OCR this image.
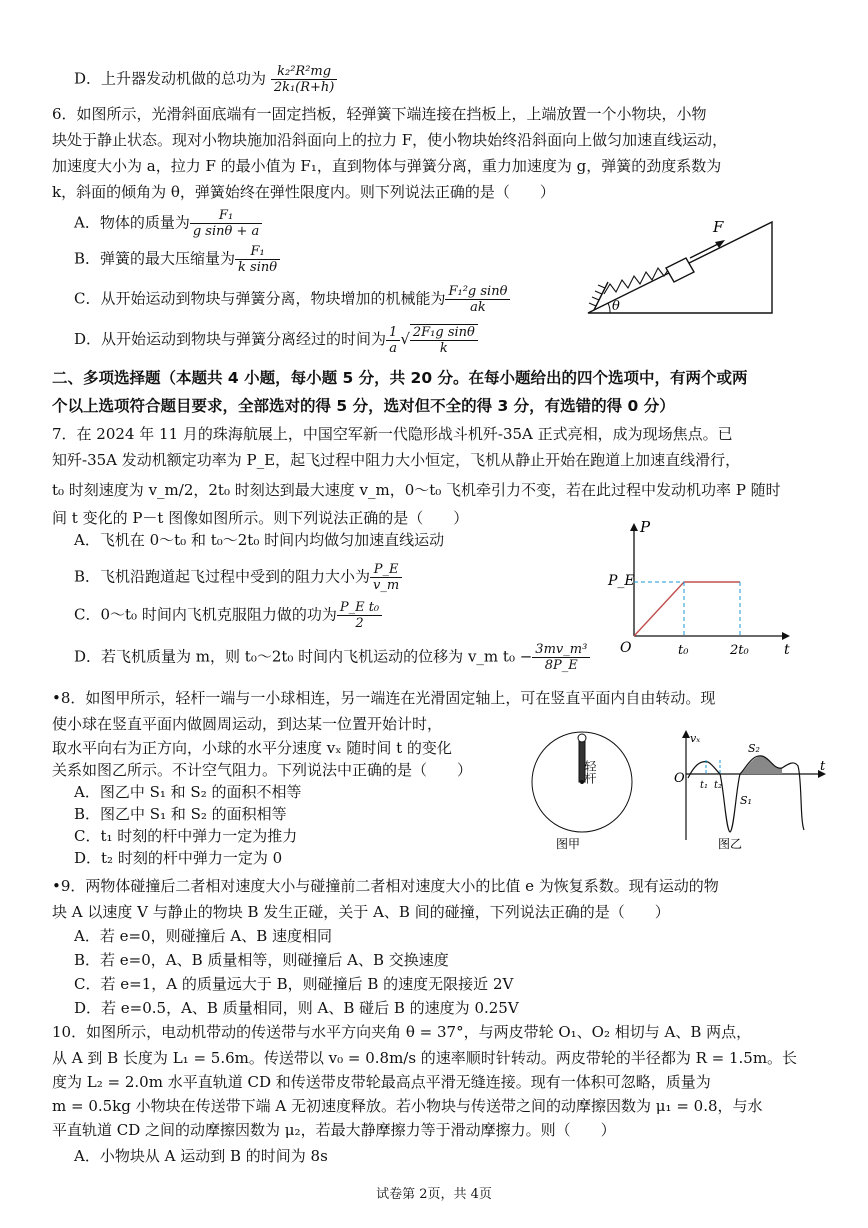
D．上升器发动机做的总功为 $\frac{\text{k₂²R²mg}}{\text{2k₁(R+h)}}$
6．如图所示，光滑斜面底端有一固定挡板，轻弹簧下端连接在挡板上，上端放置一个小物块，小物
块处于静止状态。现对小物块施加沿斜面向上的拉力 F，使小物块始终沿斜面向上做匀加速直线运动，
加速度大小为 a，拉力 F 的最小值为 F₁，直到物体与弹簧分离，重力加速度为 g，弹簧的劲度系数为
k，斜面的倾角为 θ，弹簧始终在弹性限度内。则下列说法正确的是（　　）
A．物体的质量为 $\frac{\text{F₁}}{\text{g sinθ + a}}$
B．弹簧的最大压缩量为 $\frac{\text{F₁}}{\text{k sinθ}}$
C．从开始运动到物块与弹簧分离，物块增加的机械能为 $\frac{\text{F₁²g sinθ}}{ak}$
D．从开始运动到物块与弹簧分离经过的时间为 $\frac{1}{a}$ √ $\frac{\text{2F₁g sinθ}}{k}$
F
θ
二、多项选择题（本题共 4 小题，每小题 5 分，共 20 分。在每小题给出的四个选项中，有两个或两
个以上选项符合题目要求，全部选对的得 5 分，选对但不全的得 3 分，有选错的得 0 分）
7．在 2024 年 11 月的珠海航展上，中国空军新一代隐形战斗机歼-35A 正式亮相，成为现场焦点。已
知歼-35A 发动机额定功率为 P_E，起飞过程中阻力大小恒定，飞机从静止开始在跑道上加速直线滑行，
t₀ 时刻速度为 v_m/2，2t₀ 时刻达到最大速度 v_m，0～t₀ 飞机牵引力不变，若在此过程中发动机功率 P 随时
间 t 变化的 P－t 图像如图所示。则下列说法正确的是（　　）
A．飞机在 0～t₀ 和 t₀～2t₀ 时间内均做匀加速直线运动
B．飞机沿跑道起飞过程中受到的阻力大小为 $\frac{P\_E}{v\_m}$
C．0～t₀ 时间内飞机克服阻力做的功为 $\frac{\text{P\_E t₀}}{2}$
D．若飞机质量为 m，则 t₀～2t₀ 时间内飞机运动的位移为 v_m $t_0 - \frac{\text{3mv\_m³}}{8P\_E}$
P
t
O
P_E
t₀	2t₀
•8．如图甲所示，轻杆一端与一小球相连，另一端连在光滑固定轴上，可在竖直平面内自由转动。现
使小球在竖直平面内做圆周运动，到达某一位置开始计时，
取水平向右为正方向，小球的水平分速度 vₓ 随时间 t 的变化
关系如图乙所示。不计空气阻力。下列说法中正确的是（　　）
A．图乙中 S₁ 和 S₂ 的面积不相等
B．图乙中 S₁ 和 S₂ 的面积相等
C．t₁ 时刻的杆中弹力一定为推力
D．t₂ 时刻的杆中弹力一定为 0
轻杆
图甲
vₓ
O
t
t₁ t₂
S₂
S₁
图乙
•9．两物体碰撞后二者相对速度大小与碰撞前二者相对速度大小的比值 e 为恢复系数。现有运动的物
块 A 以速度 V 与静止的物块 B 发生正碰，关于 A、B 间的碰撞，下列说法正确的是（　　）
A．若 e=0，则碰撞后 A、B 速度相同
B．若 e=0，A、B 质量相等，则碰撞后 A、B 交换速度
C．若 e=1，A 的质量远大于 B，则碰撞后 B 的速度无限接近 2V
D．若 e=0.5，A、B 质量相同，则 A、B 碰后 B 的速度为 0.25V
10．如图所示，电动机带动的传送带与水平方向夹角 θ = 37°，与两皮带轮 O₁、O₂ 相切与 A、B 两点，
从 A 到 B 长度为 L₁ = 5.6m。传送带以 v₀ = 0.8m/s 的速率顺时针转动。两皮带轮的半径都为 R = 1.5m。长
度为 L₂ = 2.0m 水平直轨道 CD 和传送带皮带轮最高点平滑无缝连接。现有一体积可忽略，质量为
m = 0.5kg 小物块在传送带下端 A 无初速度释放。若小物块与传送带之间的动摩擦因数为 μ₁ = 0.8，与水
平直轨道 CD 之间的动摩擦因数为 μ₂，若最大静摩擦力等于滑动摩擦力。则（　　）
A．小物块从 A 运动到 B 的时间为 8s
试卷第 2页，共 4页
